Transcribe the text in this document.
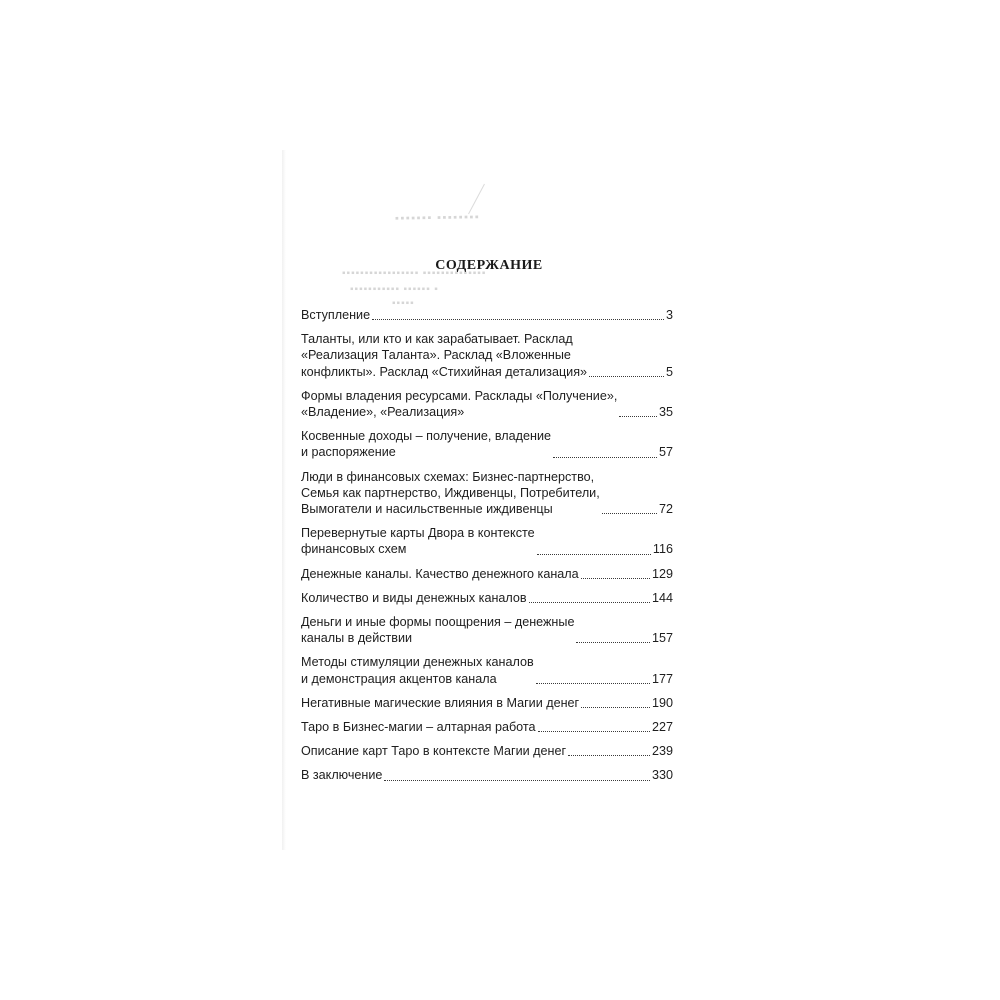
▪▪▪▪▪▪▪ ▪▪▪▪▪▪▪▪
▪▪▪▪▪▪▪▪▪▪▪▪▪▪▪▪▪ ▪▪▪▪▪▪▪▪▪▪▪▪▪▪
▪▪▪▪▪▪▪▪▪▪▪ ▪▪▪▪▪▪ ▪
▪▪▪▪▪
СОДЕРЖАНИЕ
Вступление	3
Таланты, или кто и как зарабатывает. Расклад
«Реализация Таланта». Расклад «Вложенные
конфликты». Расклад «Стихийная детализация»	5
Формы владения ресурсами. Расклады «Получение»,
«Владение», «Реализация»	35
Косвенные доходы – получение, владение
и распоряжение	57
Люди в финансовых схемах: Бизнес-партнерство,
Семья как партнерство, Иждивенцы, Потребители,
Вымогатели и насильственные иждивенцы	72
Перевернутые карты Двора в контексте
финансовых схем	116
Денежные каналы. Качество денежного канала	129
Количество и виды денежных каналов	144
Деньги и иные формы поощрения – денежные
каналы в действии	157
Методы стимуляции денежных каналов
и демонстрация акцентов канала	177
Негативные магические влияния в Магии денег	190
Таро в Бизнес-магии – алтарная работа	227
Описание карт Таро в контексте Магии денег	239
В заключение	330
